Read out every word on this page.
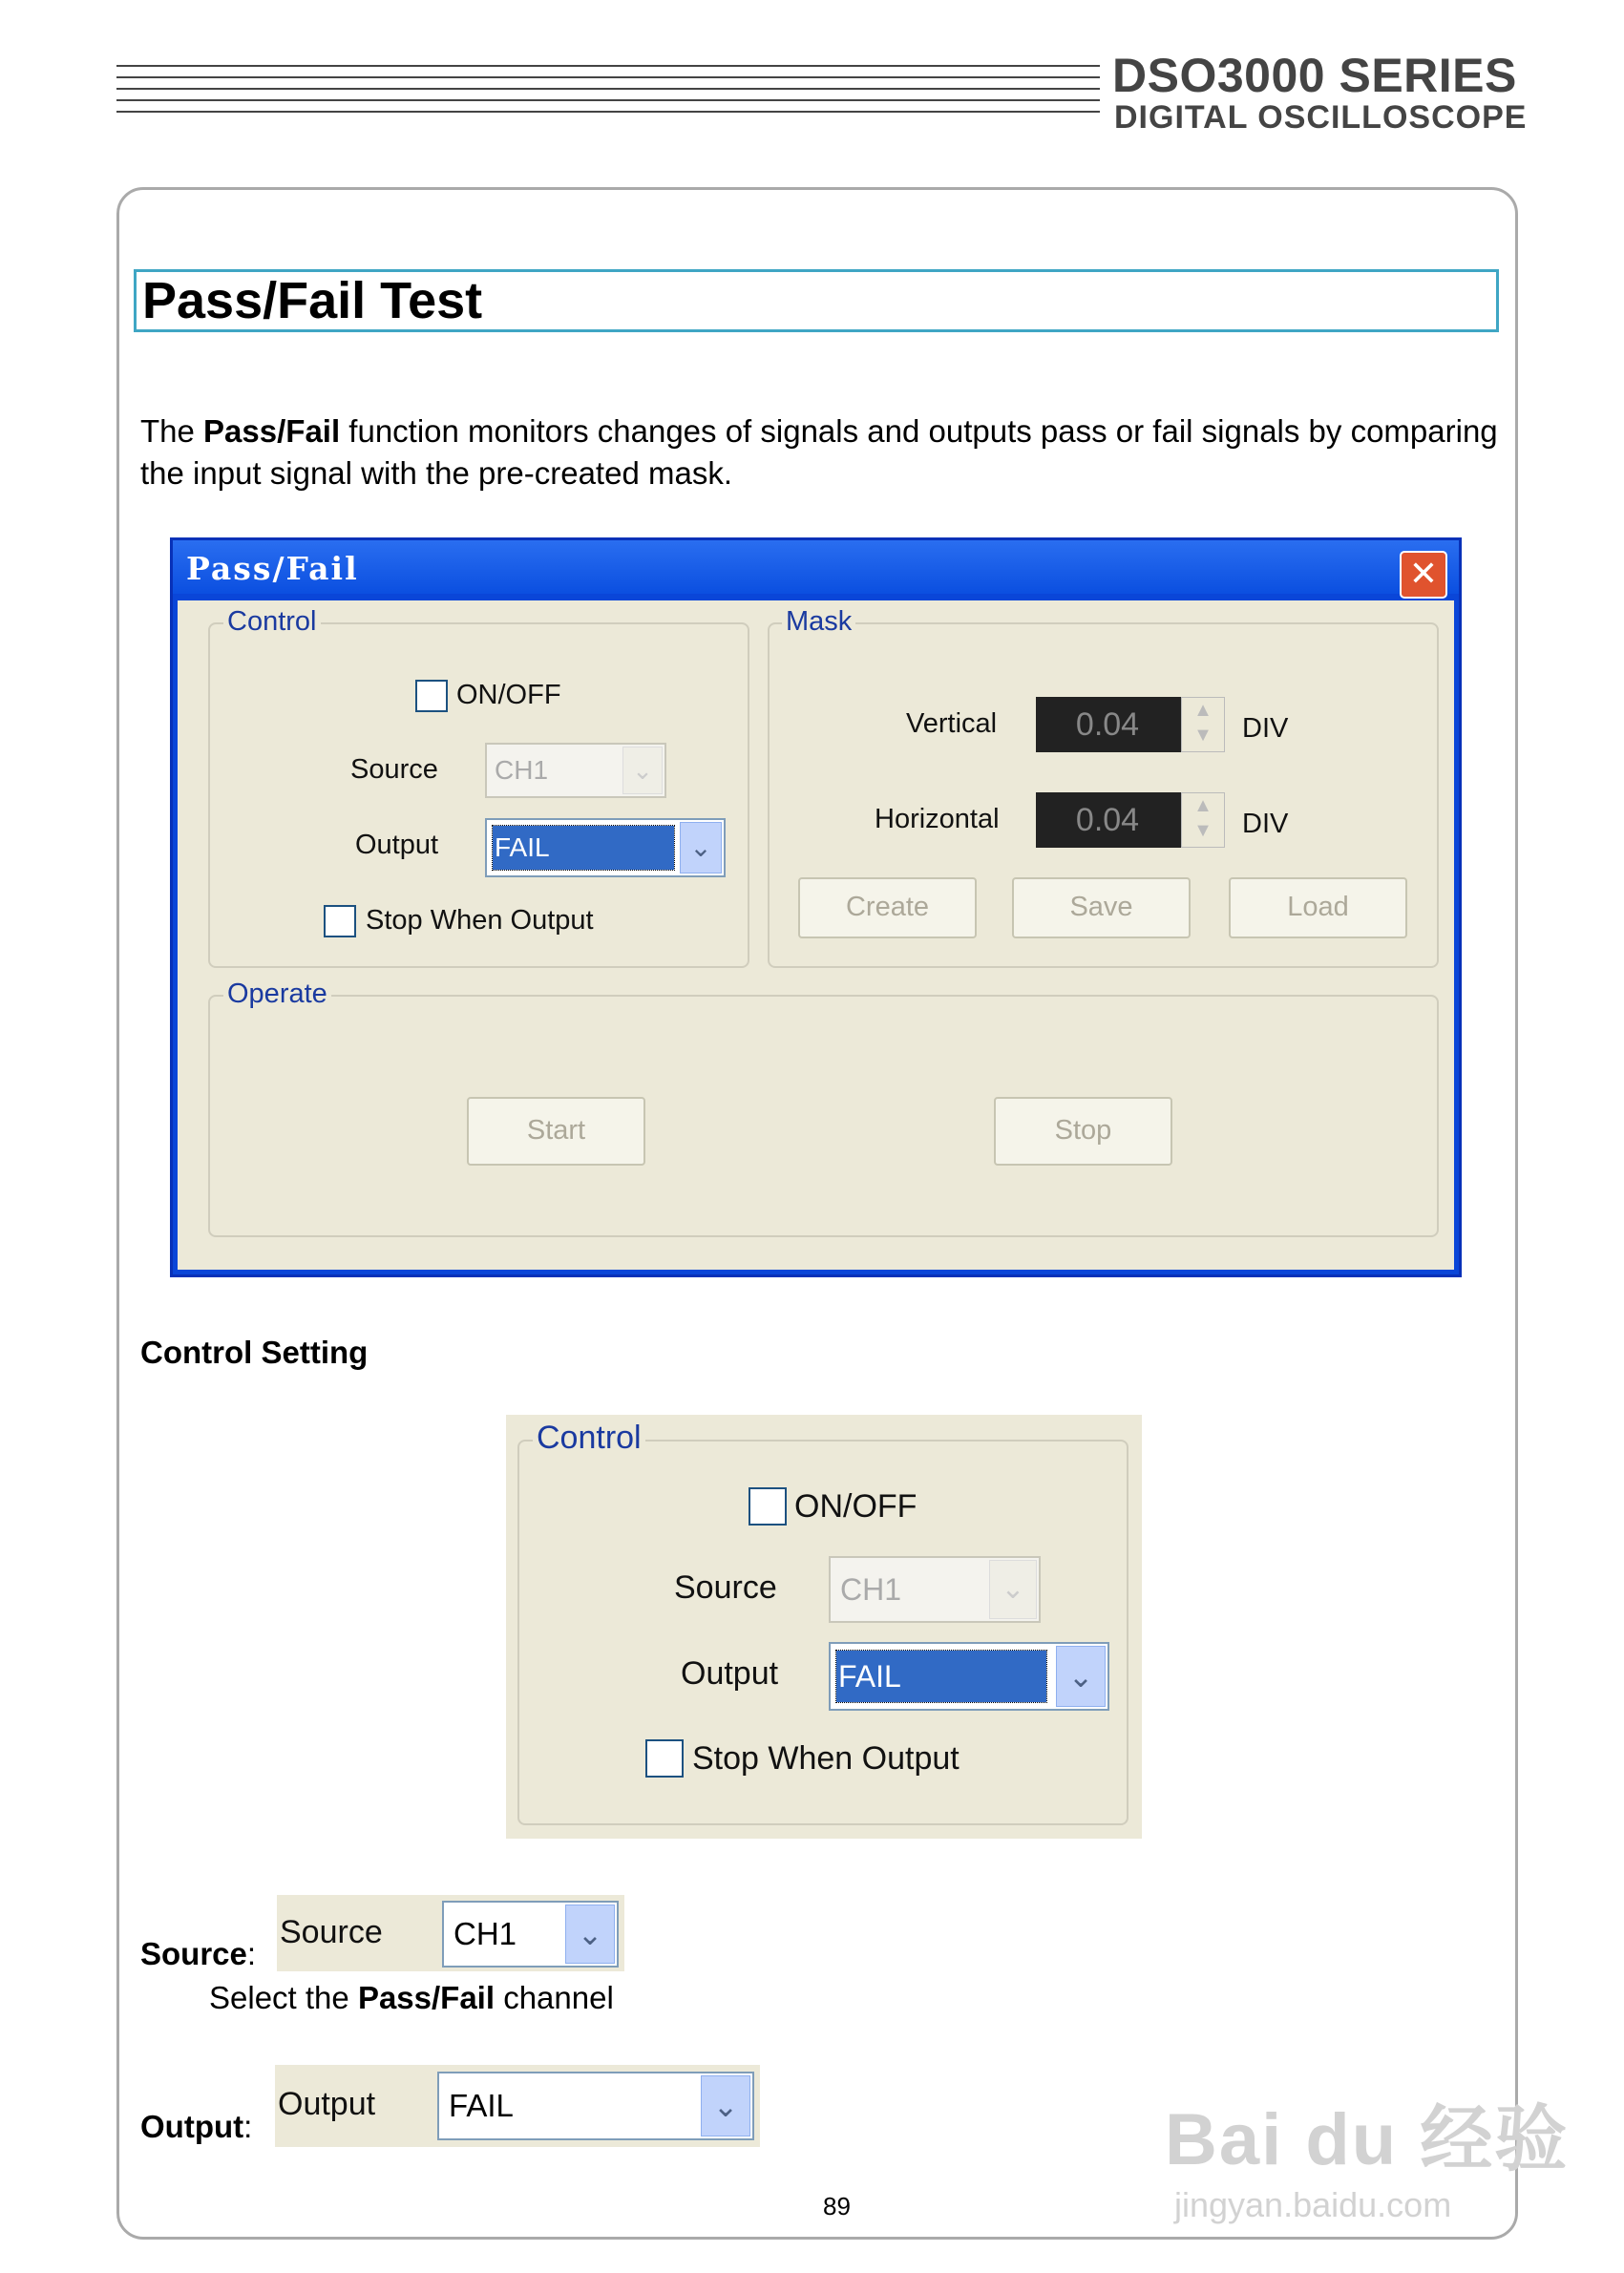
DSO3000 SERIES
DIGITAL OSCILLOSCOPE
Pass/Fail Test
The Pass/Fail function monitors changes of signals and outputs pass or fail signals by comparing the input signal with the pre-created mask.
Pass/Fail	✕
Control
ON/OFF
Source CH1	⌄
Output FAIL	⌄
Stop When Output
Mask
Vertical	0.04	▲
▼	DIV
Horizontal	0.04	▲
▼	DIV
Create	Save	Load
Operate
Start	Stop
Control Setting
Control
ON/OFF
Source CH1	⌄
Output FAIL	⌄
Stop When Output
Source:
Source CH1	⌄
Select the Pass/Fail channel
Output:
Output FAIL	⌄
89
Bai du 经验
jingyan.baidu.com
